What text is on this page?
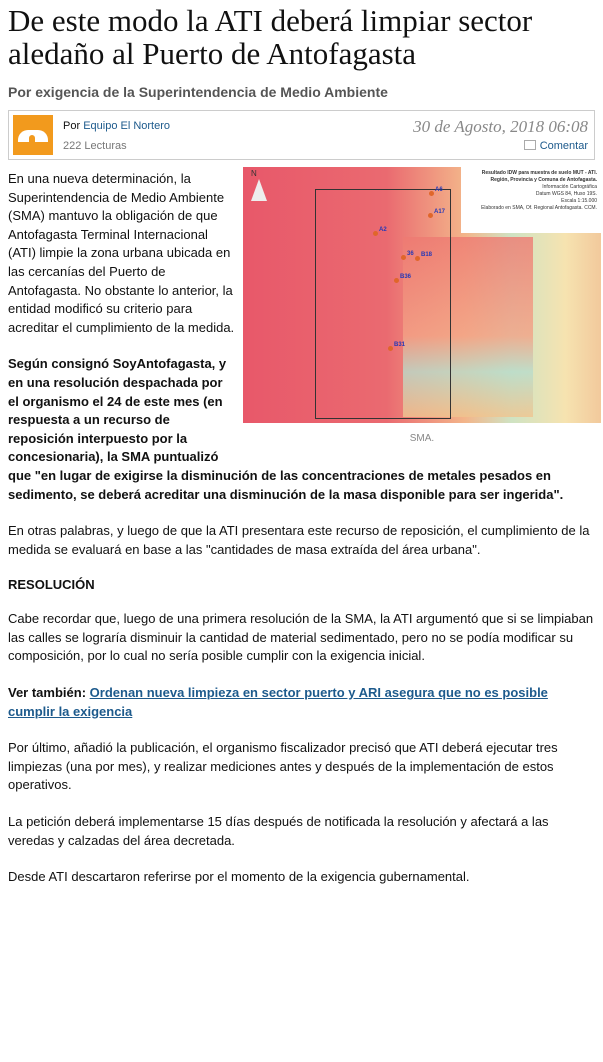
De este modo la ATI deberá limpiar sector aledaño al Puerto de Antofagasta
Por exigencia de la Superintendencia de Medio Ambiente
Por Equipo El Nortero
222 Lecturas
30 de Agosto, 2018 06:08
Comentar
N	Resultado IDW para muestra de suelo MUT - ATI.
Región, Provincia y Comuna de Antofagasta.
Información Cartográfica
Datum WGS 84, Huso 19S.
Escala 1:15.000
Elaborado en SMA, Of. Regional Antofagasta. CCM.
A6
A17
A2
36 B18
B36
B31
SMA.

En una nueva determinación, la Superintendencia de Medio Ambiente (SMA) mantuvo la obligación de que Antofagasta Terminal Internacional (ATI) limpie la zona urbana ubicada en las cercanías del Puerto de Antofagasta. No obstante lo anterior, la entidad modificó su criterio para acreditar el cumplimiento de la medida.

Según consignó SoyAntofagasta, y en una resolución despachada por el organismo el 24 de este mes (en respuesta a un recurso de reposición interpuesto por la concesionaria), la SMA puntualizó que "en lugar de exigirse la disminución de las concentraciones de metales pesados en sedimento, se deberá acreditar una disminución de la masa disponible para ser ingerida".

En otras palabras, y luego de que la ATI presentara este recurso de reposición, el cumplimiento de la medida se evaluará en base a las "cantidades de masa extraída del área urbana".

RESOLUCIÓN

Cabe recordar que, luego de una primera resolución de la SMA, la ATI argumentó que si se limpiaban las calles se lograría disminuir la cantidad de material sedimentado, pero no se podía modificar su composición, por lo cual no sería posible cumplir con la exigencia inicial.

Ver también: Ordenan nueva limpieza en sector puerto y ARI asegura que no es posible cumplir la exigencia

Por último, añadió la publicación, el organismo fiscalizador precisó que ATI deberá ejecutar tres limpiezas (una por mes), y realizar mediciones antes y después de la implementación de estos operativos.

La petición deberá implementarse 15 días después de notificada la resolución y afectará a las veredas y calzadas del área decretada.

Desde ATI descartaron referirse por el momento de la exigencia gubernamental.
